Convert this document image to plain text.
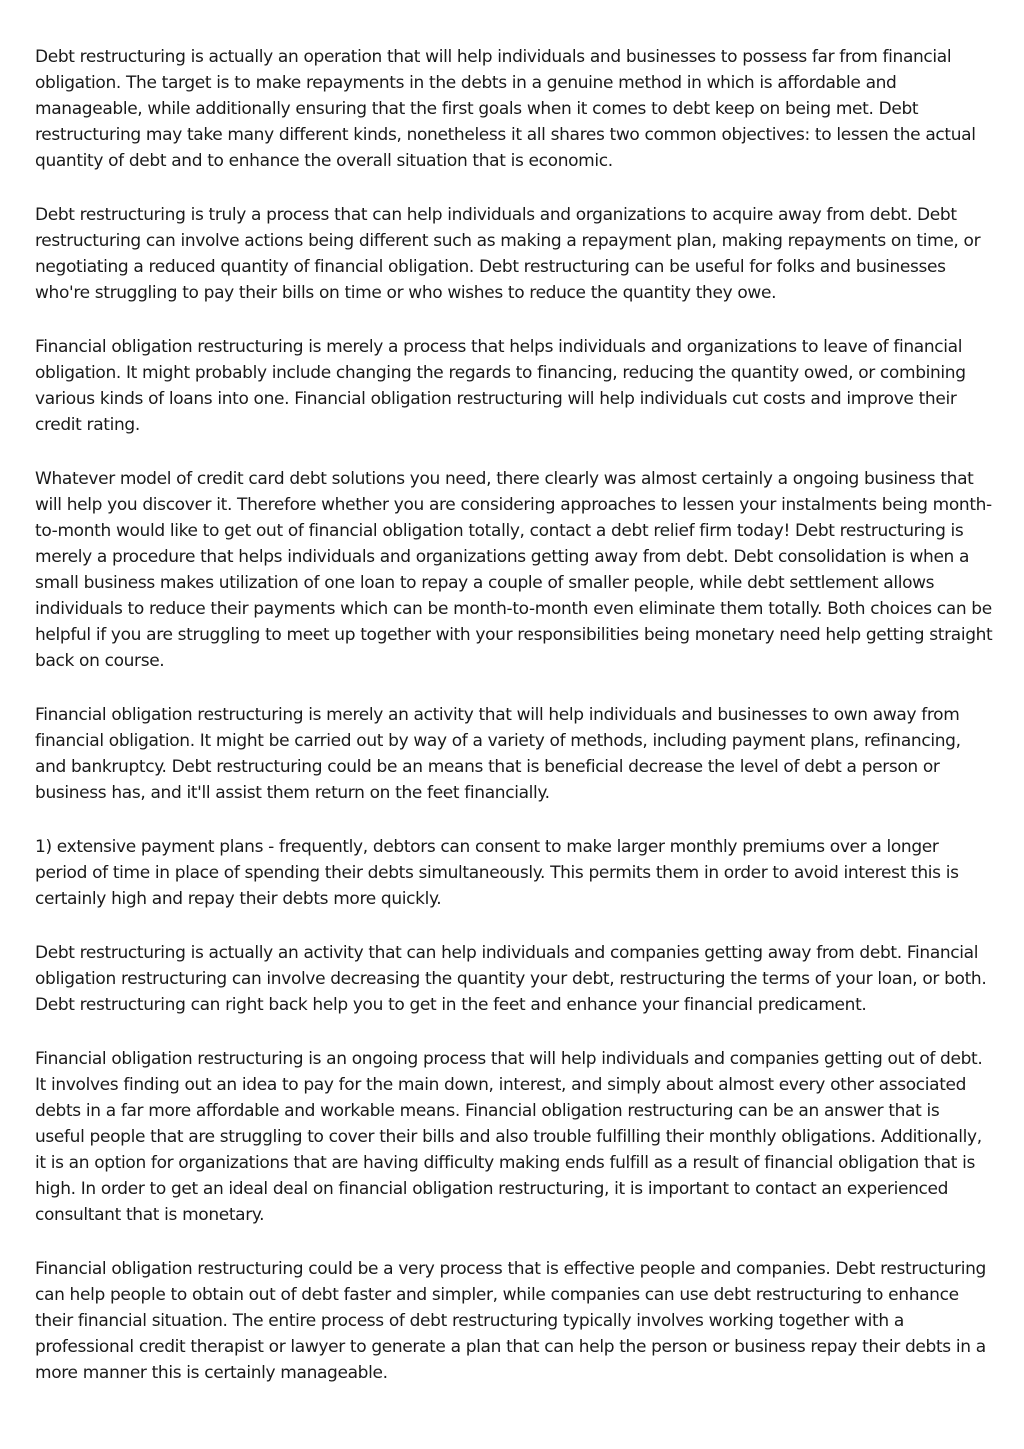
Debt restructuring is actually an operation that will help individuals and businesses to possess far from financial obligation. The target is to make repayments in the debts in a genuine method in which is affordable and manageable, while additionally ensuring that the first goals when it comes to debt keep on being met. Debt restructuring may take many different kinds, nonetheless it all shares two common objectives: to lessen the actual quantity of debt and to enhance the overall situation that is economic.

Debt restructuring is truly a process that can help individuals and organizations to acquire away from debt. Debt restructuring can involve actions being different such as making a repayment plan, making repayments on time, or negotiating a reduced quantity of financial obligation. Debt restructuring can be useful for folks and businesses who're struggling to pay their bills on time or who wishes to reduce the quantity they owe.

Financial obligation restructuring is merely a process that helps individuals and organizations to leave of financial obligation. It might probably include changing the regards to financing, reducing the quantity owed, or combining various kinds of loans into one. Financial obligation restructuring will help individuals cut costs and improve their credit rating.

Whatever model of credit card debt solutions you need, there clearly was almost certainly a ongoing business that will help you discover it. Therefore whether you are considering approaches to lessen your instalments being month-to-month would like to get out of financial obligation totally, contact a debt relief firm today! Debt restructuring is merely a procedure that helps individuals and organizations getting away from debt. Debt consolidation is when a small business makes utilization of one loan to repay a couple of smaller people, while debt settlement allows individuals to reduce their payments which can be month-to-month even eliminate them totally. Both choices can be helpful if you are struggling to meet up together with your responsibilities being monetary need help getting straight back on course.

Financial obligation restructuring is merely an activity that will help individuals and businesses to own away from financial obligation. It might be carried out by way of a variety of methods, including payment plans, refinancing, and bankruptcy. Debt restructuring could be an means that is beneficial decrease the level of debt a person or business has, and it'll assist them return on the feet financially.

1) extensive payment plans - frequently, debtors can consent to make larger monthly premiums over a longer period of time in place of spending their debts simultaneously. This permits them in order to avoid interest this is certainly high and repay their debts more quickly.

Debt restructuring is actually an activity that can help individuals and companies getting away from debt. Financial obligation restructuring can involve decreasing the quantity your debt, restructuring the terms of your loan, or both. Debt restructuring can right back help you to get in the feet and enhance your financial predicament.

Financial obligation restructuring is an ongoing process that will help individuals and companies getting out of debt. It involves finding out an idea to pay for the main down, interest, and simply about almost every other associated debts in a far more affordable and workable means. Financial obligation restructuring can be an answer that is useful people that are struggling to cover their bills and also trouble fulfilling their monthly obligations. Additionally, it is an option for organizations that are having difficulty making ends fulfill as a result of financial obligation that is high. In order to get an ideal deal on financial obligation restructuring, it is important to contact an experienced consultant that is monetary.

Financial obligation restructuring could be a very process that is effective people and companies. Debt restructuring can help people to obtain out of debt faster and simpler, while companies can use debt restructuring to enhance their financial situation. The entire process of debt restructuring typically involves working together with a professional credit therapist or lawyer to generate a plan that can help the person or business repay their debts in a more manner this is certainly manageable.
